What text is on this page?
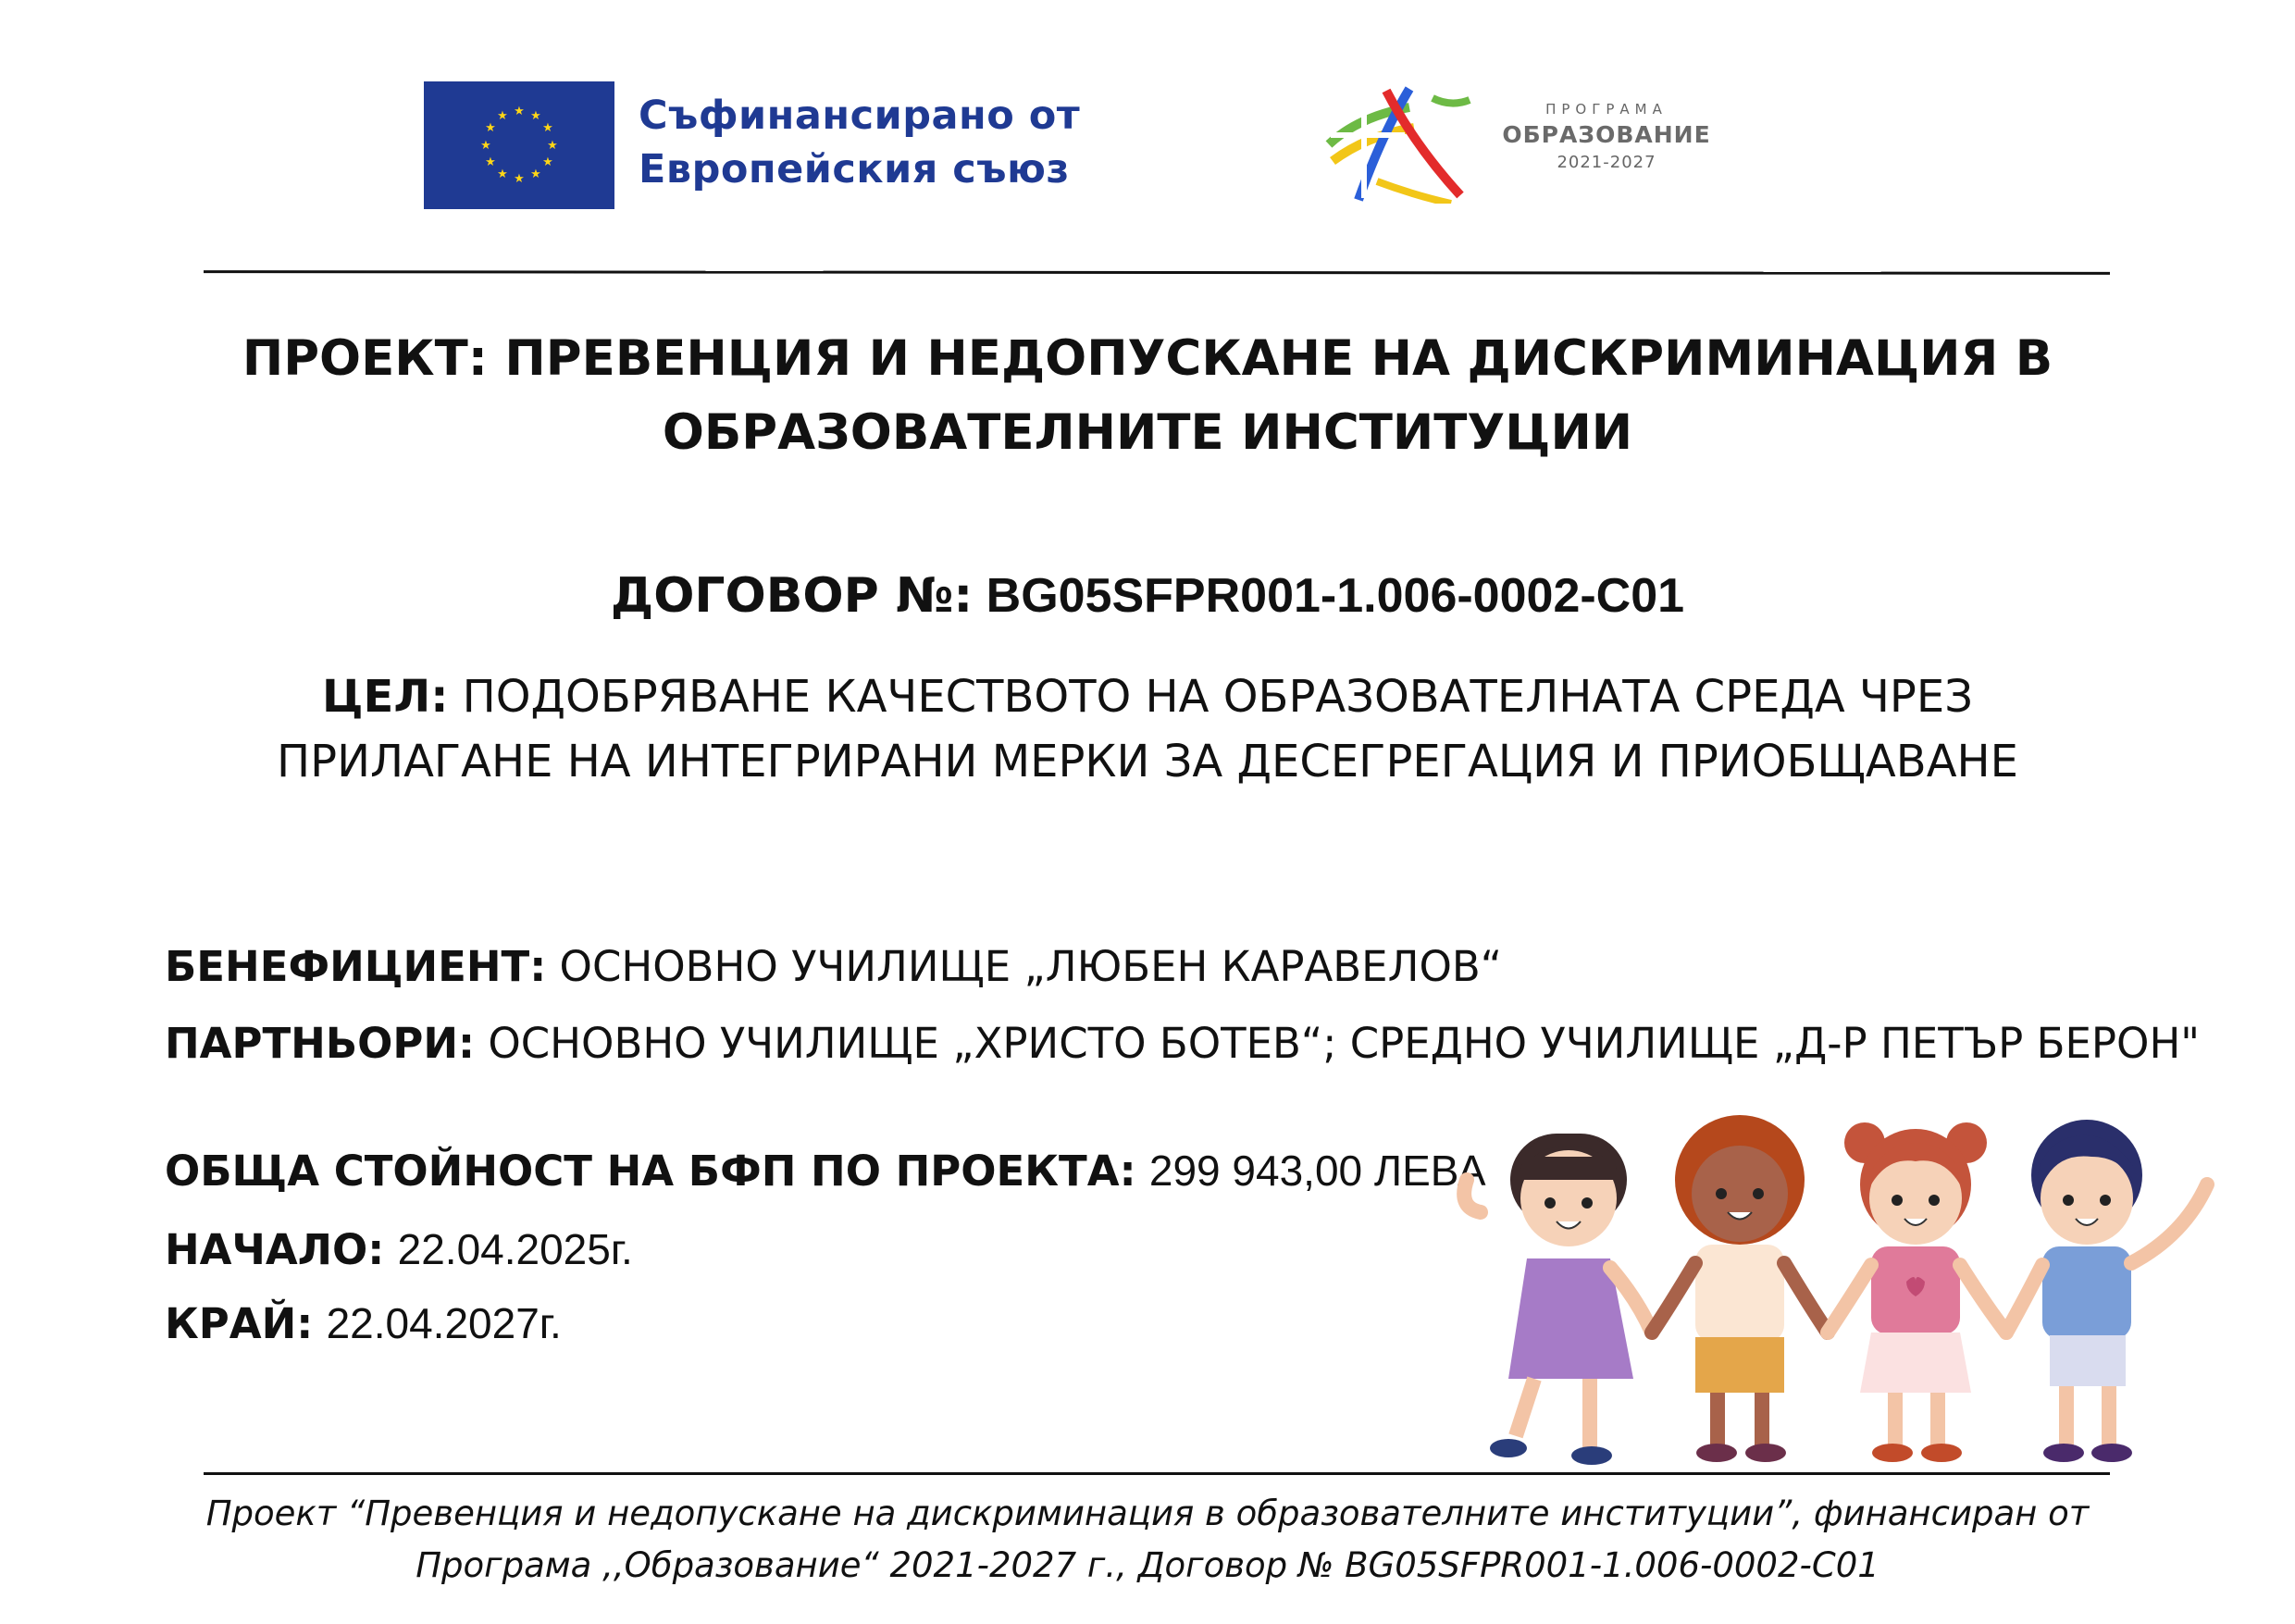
★ ★
★
★
★
★
★
★
★
★
★
★	Съфинансирано от
Европейския съюз
ПРОГРАМА
ОБРАЗОВАНИЕ
2021-2027
ПРОЕКТ: ПРЕВЕНЦИЯ И НЕДОПУСКАНЕ НА ДИСКРИМИНАЦИЯ В
ОБРАЗОВАТЕЛНИТЕ ИНСТИТУЦИИ
ДОГОВОР №: BG05SFPR001-1.006-0002-C01
ЦЕЛ: ПОДОБРЯВАНЕ КАЧЕСТВОТО НА ОБРАЗОВАТЕЛНАТА СРЕДА ЧРЕЗ
ПРИЛАГАНЕ НА ИНТЕГРИРАНИ МЕРКИ ЗА ДЕСЕГРЕГАЦИЯ И ПРИОБЩАВАНЕ
БЕНЕФИЦИЕНТ: ОСНОВНО УЧИЛИЩЕ „ЛЮБЕН КАРАВЕЛОВ“
ПАРТНЬОРИ: ОСНОВНО УЧИЛИЩЕ „ХРИСТО БОТЕВ“; СРЕДНО УЧИЛИЩЕ „Д-Р ПЕТЪР БЕРОН"
ОБЩА СТОЙНОСТ НА БФП ПО ПРОЕКТА: 299 943,00 ЛЕВА
НАЧАЛО: 22.04.2025г.
КРАЙ: 22.04.2027г.
Проект “Превенция и недопускане на дискриминация в образователните институции”, финансиран от
Програма ,,Образование“ 2021-2027 г., Договор № BG05SFPR001-1.006-0002-C01
